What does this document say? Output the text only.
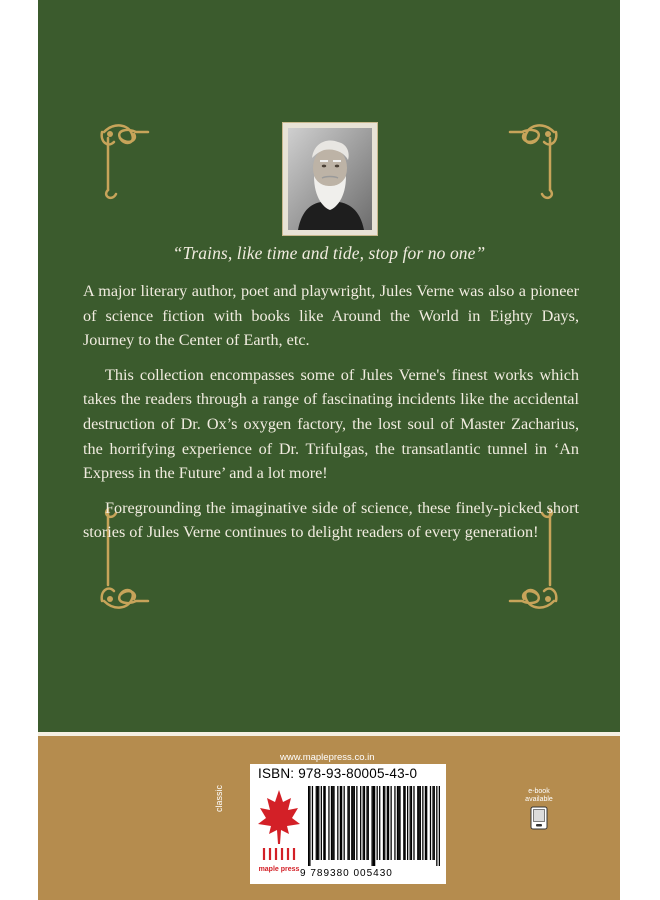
“Trains, like time and tide, stop for no one”

A major literary author, poet and playwright, Jules Verne was also a pioneer of science fiction with books like Around the World in Eighty Days, Journey to the Center of Earth, etc.

This collection encompasses some of Jules Verne's finest works which takes the readers through a range of fascinating incidents like the accidental destruction of Dr. Ox’s oxygen factory, the lost soul of Master Zacharius, the horrifying experience of Dr. Trifulgas, the transatlantic tunnel in ‘An Express in the Future’ and a lot more!

Foregrounding the imaginative side of science, these finely-picked short stories of Jules Verne continues to delight readers of every generation!

www.maplepress.co.in
classic
ISBN: 978-93-80005-43-0
maple press 9 789380 005430
e-book
available
